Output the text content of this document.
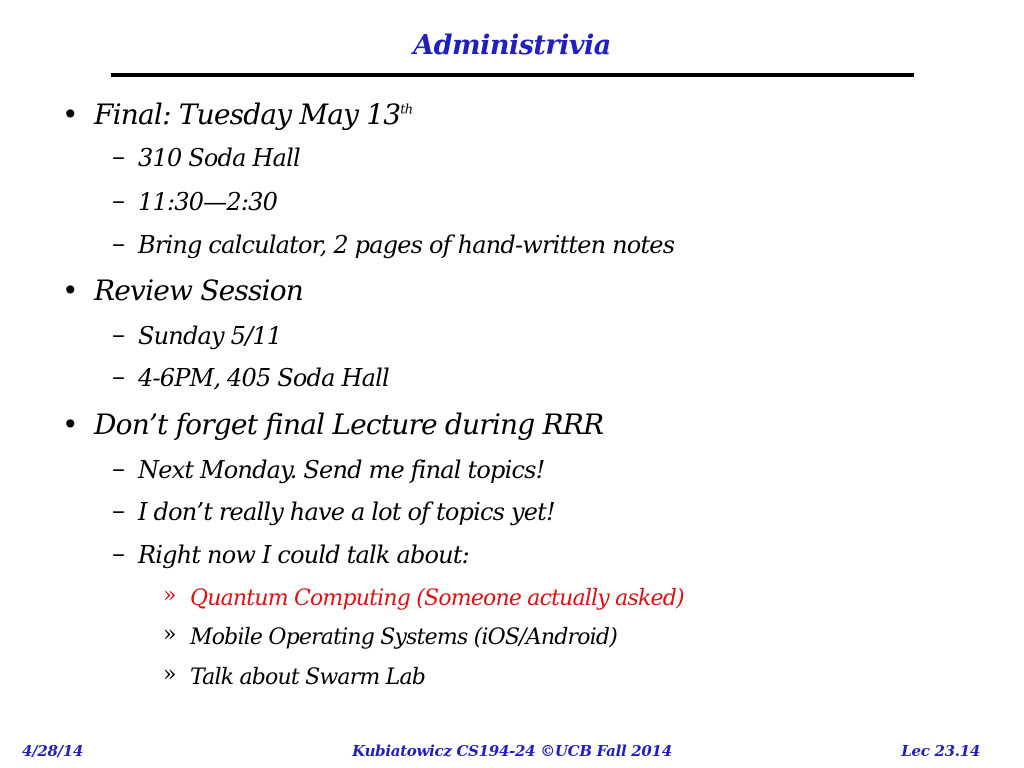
Administrivia
• Final: Tuesday May 13th
– 310 Soda Hall
– 11:30—2:30
– Bring calculator, 2 pages of hand-written notes
• Review Session
– Sunday 5/11
– 4-6PM, 405 Soda Hall
• Don’t forget final Lecture during RRR
– Next Monday. Send me final topics!
– I don’t really have a lot of topics yet!
– Right now I could talk about:
» Quantum Computing (Someone actually asked)
» Mobile Operating Systems (iOS/Android)
» Talk about Swarm Lab
4/28/14	Kubiatowicz CS194-24 ©UCB Fall 2014	Lec 23.14
